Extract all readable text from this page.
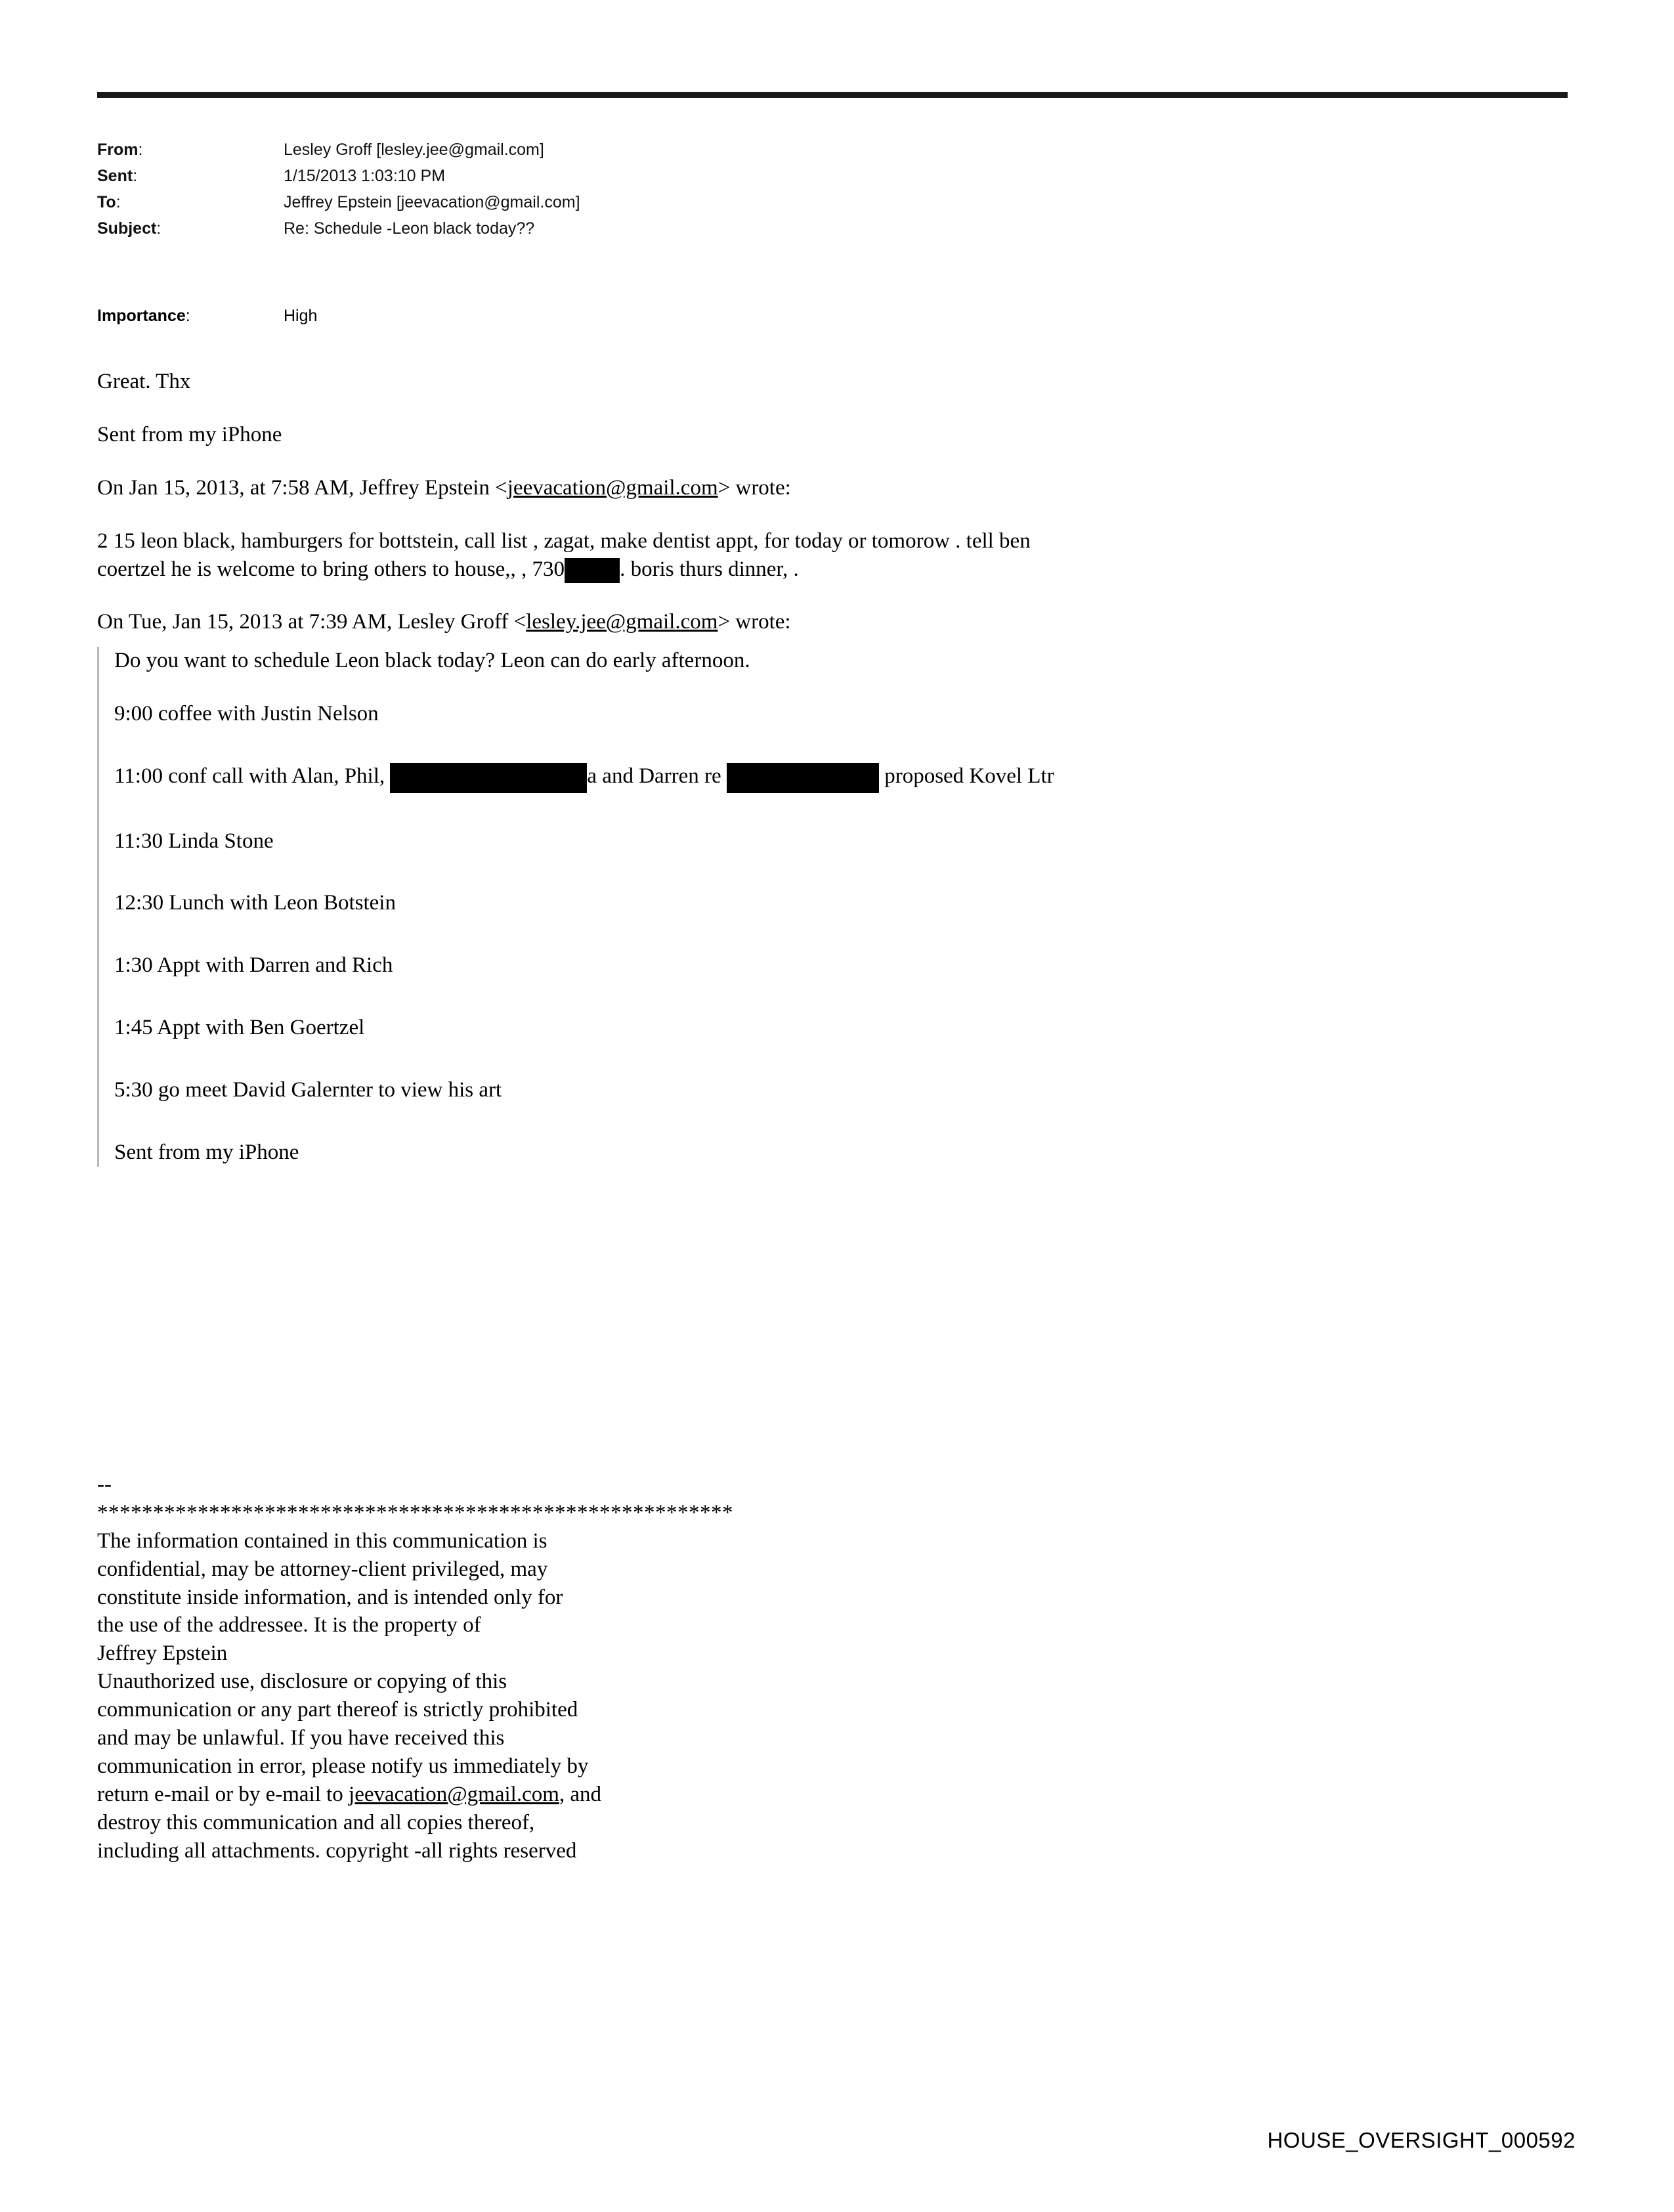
From:	Lesley Groff [lesley.jee@gmail.com]
Sent:	1/15/2013 1:03:10 PM
To:	Jeffrey Epstein [jeevacation@gmail.com]
Subject:	Re: Schedule -Leon black today??
Importance:	High

Great. Thx

Sent from my iPhone

On Jan 15, 2013, at 7:58 AM, Jeffrey Epstein <jeevacation@gmail.com> wrote:

2 15 leon black, hamburgers for bottstein, call list , zagat, make dentist appt, for today or tomorow . tell ben
coertzel he is welcome to bring others to house,, , 730	. boris thurs dinner, .

On Tue, Jan 15, 2013 at 7:39 AM, Lesley Groff <lesley.jee@gmail.com> wrote:

Do you want to schedule Leon black today? Leon can do early afternoon.

9:00 coffee with Justin Nelson

11:00 conf call with Alan, Phil,	a and Darren re	proposed Kovel Ltr

11:30 Linda Stone

12:30 Lunch with Leon Botstein

1:30 Appt with Darren and Rich

1:45 Appt with Ben Goertzel

5:30 go meet David Galernter to view his art

Sent from my iPhone

--
*********************************************************
The information contained in this communication is
confidential, may be attorney-client privileged, may
constitute inside information, and is intended only for
the use of the addressee. It is the property of
Jeffrey Epstein
Unauthorized use, disclosure or copying of this
communication or any part thereof is strictly prohibited
and may be unlawful. If you have received this
communication in error, please notify us immediately by
return e-mail or by e-mail to jeevacation@gmail.com, and
destroy this communication and all copies thereof,
including all attachments. copyright -all rights reserved
HOUSE_OVERSIGHT_000592
